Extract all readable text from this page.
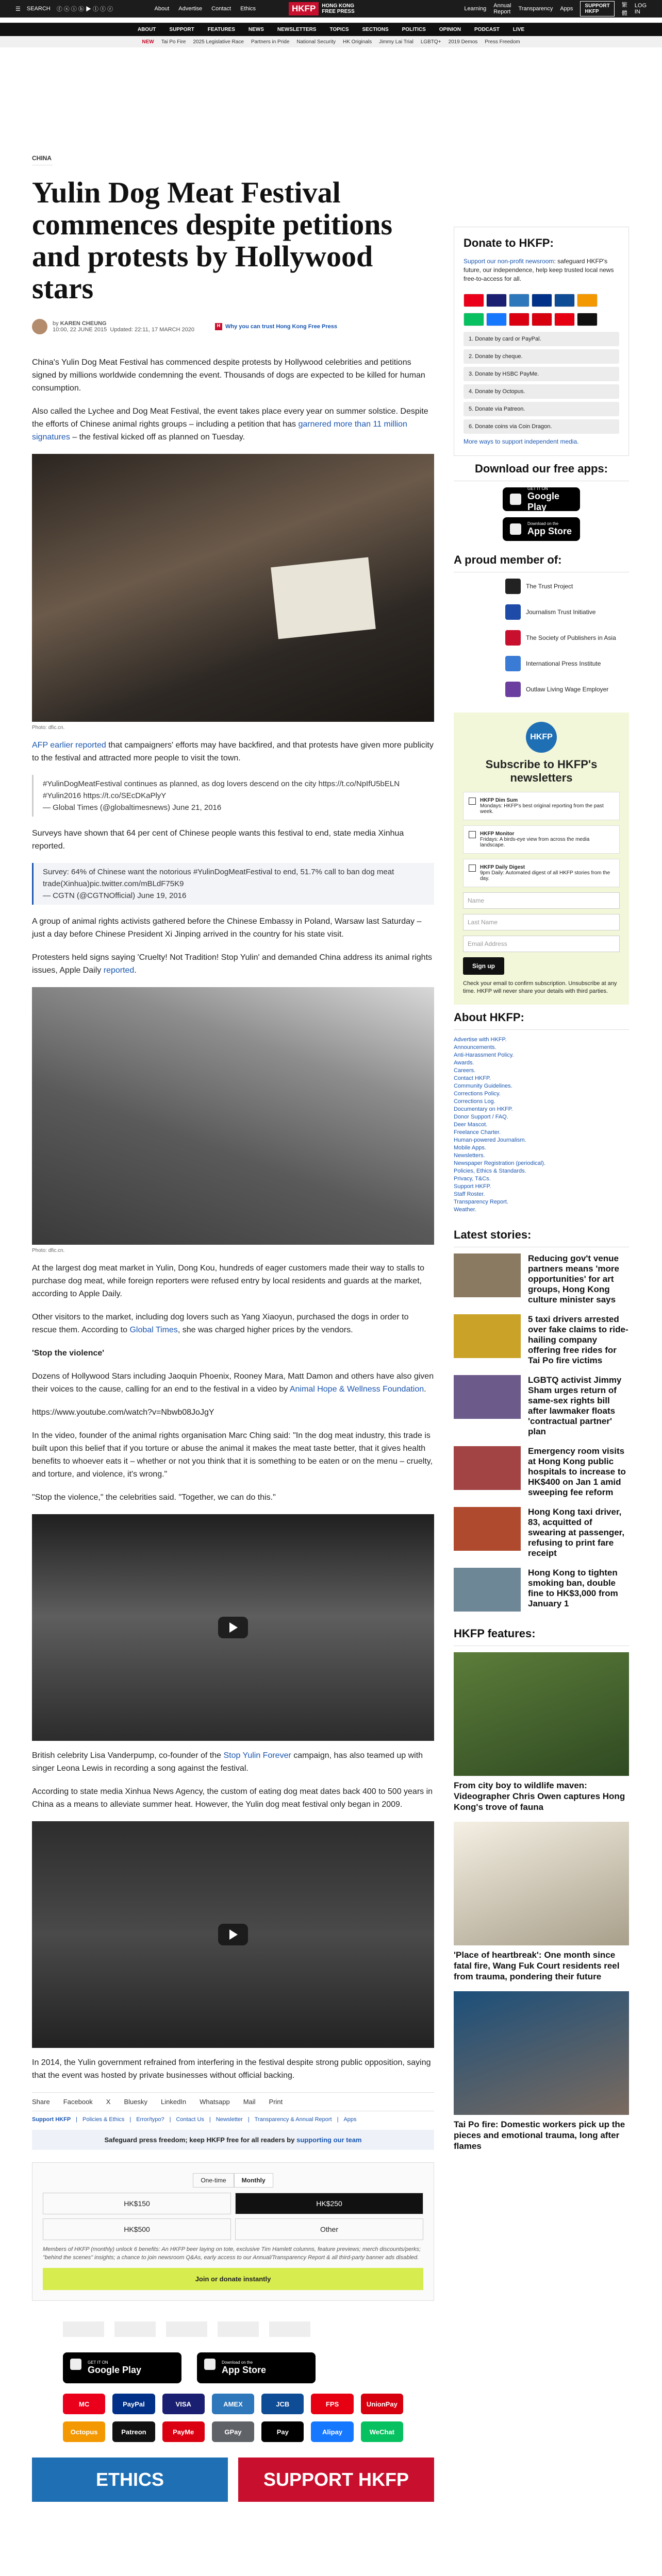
☰ SEARCH ⓕ ⓧ ⓘ ⓑ ▶ ⓛ ⓣ ⓡ	About Advertise Contact Ethics	Learning Annual Report Transparency Apps	SUPPORT HKFP
繁體
LOG IN
HKFP	HONG KONG
FREE PRESS
ABOUT	SUPPORT	FEATURES	NEWS	NEWSLETTERS	TOPICS	SECTIONS	POLITICS	OPINION	PODCAST	LIVE
NEW Tai Po Fire 2025 Legislative Race Partners in Pride National Security HK Originals Jimmy Lai Trial LGBTQ+ 2019 Demos Press Freedom
CHINA
Yulin Dog Meat Festival commences despite petitions and protests by Hollywood stars
by KAREN CHEUNG
10:00, 22 JUNE 2015 Updated: 22:11, 17 MARCH 2020
H Why you can trust Hong Kong Free Press

China's Yulin Dog Meat Festival has commenced despite protests by Hollywood celebrities and petitions signed by millions worldwide condemning the event. Thousands of dogs are expected to be killed for human consumption.

Also called the Lychee and Dog Meat Festival, the event takes place every year on summer solstice. Despite the efforts of Chinese animal rights groups – including a petition that has garnered more than 11 million signatures – the festival kicked off as planned on Tuesday.

Photo: dfic.cn.

AFP earlier reported that campaigners' efforts may have backfired, and that protests have given more publicity to the festival and attracted more people to visit the town.

#YulinDogMeatFestival continues as planned, as dog lovers descend on the city https://t.co/NpIfU5bELN #Yulin2016 https://t.co/SEcDKaPlyY
— Global Times (@globaltimesnews) June 21, 2016

Surveys have shown that 64 per cent of Chinese people wants this festival to end, state media Xinhua reported.

Survey: 64% of Chinese want the notorious #YulinDogMeatFestival to end, 51.7% call to ban dog meat trade(Xinhua)pic.twitter.com/mBLdF75K9
— CGTN (@CGTNOfficial) June 19, 2016

A group of animal rights activists gathered before the Chinese Embassy in Poland, Warsaw last Saturday – just a day before Chinese President Xi Jinping arrived in the country for his state visit.

Protesters held signs saying 'Cruelty! Not Tradition! Stop Yulin' and demanded China address its animal rights issues, Apple Daily reported.

Photo: dfic.cn.

At the largest dog meat market in Yulin, Dong Kou, hundreds of eager customers made their way to stalls to purchase dog meat, while foreign reporters were refused entry by local residents and guards at the market, according to Apple Daily.

Other visitors to the market, including dog lovers such as Yang Xiaoyun, purchased the dogs in order to rescue them. According to Global Times, she was charged higher prices by the vendors.

'Stop the violence'

Dozens of Hollywood Stars including Jaoquin Phoenix, Rooney Mara, Matt Damon and others have also given their voices to the cause, calling for an end to the festival in a video by Animal Hope & Wellness Foundation.

https://www.youtube.com/watch?v=Nbwb08JoJgY

In the video, founder of the animal rights organisation Marc Ching said: "In the dog meat industry, this trade is built upon this belief that if you torture or abuse the animal it makes the meat taste better, that it gives health benefits to whoever eats it – whether or not you think that it is something to be eaten or on the menu – cruelty, and torture, and violence, it's wrong."

"Stop the violence," the celebrities said. "Together, we can do this."

British celebrity Lisa Vanderpump, co-founder of the Stop Yulin Forever campaign, has also teamed up with singer Leona Lewis in recording a song against the festival.

According to state media Xinhua News Agency, the custom of eating dog meat dates back 400 to 500 years in China as a means to alleviate summer heat. However, the Yulin dog meat festival only began in 2009.

In 2014, the Yulin government refrained from interfering in the festival despite strong public opposition, saying that the event was hosted by private businesses without official backing.

Share Facebook X Bluesky LinkedIn Whatsapp Mail Print
Support HKFP | Policies & Ethics | Error/typo? | Contact Us | Newsletter | Transparency & Annual Report | Apps
Safeguard press freedom; keep HKFP free for all readers by supporting our team
One-time	Monthly
HK$150	HK$250
HK$500	Other
Members of HKFP (monthly) unlock 6 benefits: An HKFP beer laying on tote, exclusive Tim Hamlett columns, feature previews; merch discounts/perks; "behind the scenes" insights; a chance to join newsroom Q&As, early access to our Annual/Transparency Report & all third-party banner ads disabled.
Join or donate instantly
GET IT ON
Google Play
Download on the
App Store
MC	PayPal	VISA	AMEX	JCB	FPS	UnionPay
Octopus	Patreon	PayMe	GPay	Pay	Alipay	WeChat
ETHICS	SUPPORT HKFP
Donate to HKFP:

Support our non-profit newsroom: safeguard HKFP's future, our independence, help keep trusted local news free-to-access for all.

1. Donate by card or PayPal.
2. Donate by cheque.
3. Donate by HSBC PayMe.
4. Donate by Octopus.
5. Donate via Patreon.
6. Donate coins via Coin Dragon.
More ways to support independent media.
Download our free apps:
GET IT ON
Google Play
Download on the
App Store
A proud member of:
The Trust Project
Journalism Trust Initiative
The Society of Publishers in Asia
International Press Institute
Outlaw Living Wage Employer
HKFP
Subscribe to HKFP's newsletters
HKFP Dim Sum
Mondays: HKFP's best original reporting from the past week.
HKFP Monitor
Fridays: A birds-eye view from across the media landscape.
HKFP Daily Digest
9pm Daily: Automated digest of all HKFP stories from the day.
Name
Last Name
Email Address
Sign up

Check your email to confirm subscription. Unsubscribe at any time. HKFP will never share your details with third parties.

About HKFP:
Advertise with HKFP.
Announcements.
Anti-Harassment Policy.
Awards.
Careers.
Contact HKFP.
Community Guidelines.
Corrections Policy.
Corrections Log.
Documentary on HKFP.
Donor Support / FAQ.
Deer Mascot.
Freelance Charter.
Human-powered Journalism.
Mobile Apps.
Newsletters.
Newspaper Registration (periodical).
Policies, Ethics & Standards.
Privacy, T&Cs.
Support HKFP.
Staff Roster.
Transparency Report.
Weather.
Latest stories:
Reducing gov't venue partners means 'more opportunities' for art groups, Hong Kong culture minister says
5 taxi drivers arrested over fake claims to ride-hailing company offering free rides for Tai Po fire victims
LGBTQ activist Jimmy Sham urges return of same-sex rights bill after lawmaker floats 'contractual partner' plan
Emergency room visits at Hong Kong public hospitals to increase to HK$400 on Jan 1 amid sweeping fee reform
Hong Kong taxi driver, 83, acquitted of swearing at passenger, refusing to print fare receipt
Hong Kong to tighten smoking ban, double fine to HK$3,000 from January 1
HKFP features:
From city boy to wildlife maven: Videographer Chris Owen captures Hong Kong's trove of fauna
'Place of heartbreak': One month since fatal fire, Wang Fuk Court residents reel from trauma, pondering their future
Tai Po fire: Domestic workers pick up the pieces and emotional trauma, long after flames
